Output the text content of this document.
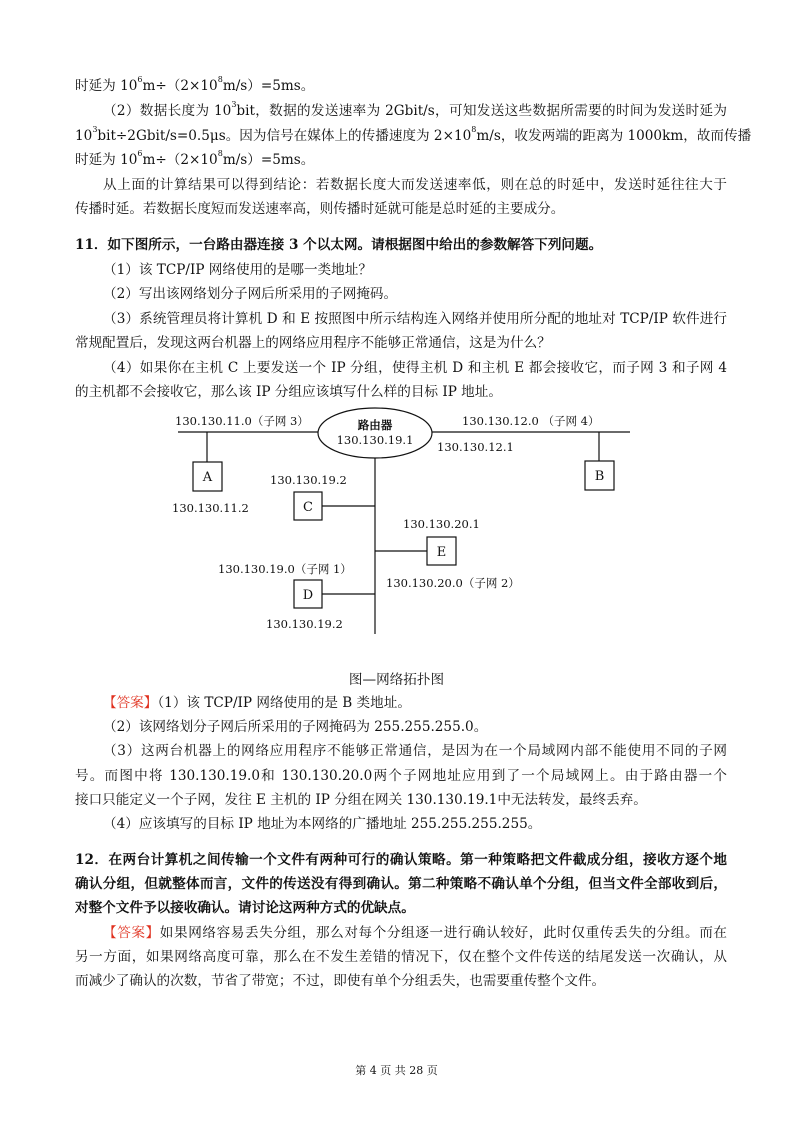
时延为 $10^6m\div(2\times 10^8m/s)=5ms$。
（2）数据长度为 $10^3bit$，数据的发送速率为 2Gbit/s，可知发送这些数据所需要的时间为发送时延为
$10^3bit\div 2Gbit/s=0.5\mu s$。因为信号在媒体上的传播速度为 $2\times 10^8m/s$，收发两端的距离为 1000km，故而传播
时延为 $10^6m\div(2\times 10^8m/s)=5ms$。
从上面的计算结果可以得到结论：若数据长度大而发送速率低，则在总的时延中，发送时延往往大于
传播时延。若数据长度短而发送速率高，则传播时延就可能是总时延的主要成分。
11．如下图所示，一台路由器连接 3 个以太网。请根据图中给出的参数解答下列问题。
（1）该 TCP/IP 网络使用的是哪一类地址？
（2）写出该网络划分子网后所采用的子网掩码。
（3）系统管理员将计算机 D 和 E 按照图中所示结构连入网络并使用所分配的地址对 TCP/IP 软件进行
常规配置后，发现这两台机器上的网络应用程序不能够正常通信，这是为什么？
（4）如果你在主机 C 上要发送一个 IP 分组，使得主机 D 和主机 E 都会接收它，而子网 3 和子网 4
的主机都不会接收它，那么该 IP 分组应该填写什么样的目标 IP 地址。
【答案】（1）该 TCP/IP 网络使用的是 B 类地址。
（2）该网络划分子网后所采用的子网掩码为 255.255.255.0。
（3）这两台机器上的网络应用程序不能够正常通信，是因为在一个局域网内部不能使用不同的子网
号。而图中将 130.130.19.0和 130.130.20.0两个子网地址应用到了一个局域网上。由于路由器一个
接口只能定义一个子网，发往 E 主机的 IP 分组在网关 130.130.19.1中无法转发，最终丢弃。
（4）应该填写的目标 IP 地址为本网络的广播地址 255.255.255.255。
12．在两台计算机之间传输一个文件有两种可行的确认策略。第一种策略把文件截成分组，接收方逐个地
确认分组，但就整体而言，文件的传送没有得到确认。第二种策略不确认单个分组，但当文件全部收到后，
对整个文件予以接收确认。请讨论这两种方式的优缺点。
【答案】如果网络容易丢失分组，那么对每个分组逐一进行确认较好，此时仅重传丢失的分组。而在
另一方面，如果网络高度可靠，那么在不发生差错的情况下，仅在整个文件传送的结尾发送一次确认，从
而减少了确认的次数，节省了带宽；不过，即使有单个分组丢失，也需要重传整个文件。
130.130.11.0（子网 3）	路由器
130.130.19.1
130.130.12.0 （子网 4）
130.130.12.1
A
130.130.11.2
B
130.130.19.2
C
130.130.20.1
E
130.130.19.0（子网 1）
130.130.20.0（子网 2）
D
130.130.19.2
图—网络拓扑图
第 4 页 共 28 页
